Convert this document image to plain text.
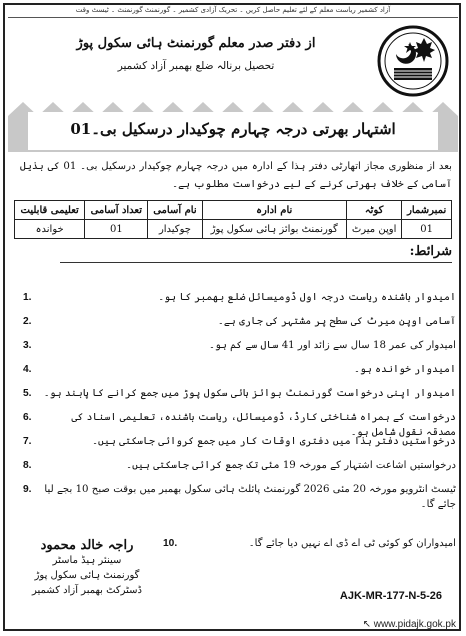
آزاد کشمیر ریاست معلم کے لئے تعلیم حاصل کریں ۔ تحریک آزادی کشمیر ۔ گورنمنٹ گورنمنٹ ۔ ٹیسٹ وقت
از دفتر صدر معلم گورنمنٹ ہائی سکول پوڑ
تحصیل برنالہ ضلع بھمبر آزاد کشمیر
اشتہار بھرتی درجہ چہارم چوکیدار درسکیل بی۔01
بعد از منظوری مجاز اتھارٹی دفتر ہذا کے ادارہ میں درجہ چہارم چوکیدار درسکیل بی۔ 01 کی بذیل آسامی کے خلاف بھرتی کرنے کے لیے درخواست مطلوب ہے۔
نمبرشمار	کوٹہ	نام ادارہ	نام آسامی	تعداد آسامی	تعلیمی قابلیت
01	اوپن میرٹ	گورنمنٹ بوائز ہائی سکول پوڑ	چوکیدار	01	خواندہ
شرائط:
امیدوار باشندہ ریاست درجہ اول ڈومیسائل ضلع بھمبر کا ہو۔1.
آسامی اوپن میرٹ کی سطح پر مشتہر کی جاری ہے۔2.
امیدوار کی عمر 18 سال سے زائد اور 41 سال سے کم ہو۔3.
امیدوار خواندہ ہو۔4.
امیدوار اپنی درخواست گورنمنٹ بوائز ہائی سکول پوڑ میں جمع کرانے کا پابند ہو۔5.
درخواست کے ہمراہ شناختی کارڈ، ڈومیسائل، ریاست باشندہ، تعلیمی اسناد کی مصدقہ نقول شامل ہو۔6.
درخواستیں دفتر ہذا میں دفتری اوقات کار میں جمع کروائی جاسکتی ہیں۔7.
درخواستیں اشاعت اشتہار کے مورخہ 19 مئی تک جمع کرائی جاسکتی ہیں۔8.
ٹیسٹ انٹرویو مورخہ 20 مئی 2026 گورنمنٹ پائلٹ ہائی سکول بھمبر میں بوقت صبح 10 بجے لیا جائے گا۔9.
امیدواران کو کوئی ٹی اے ڈی اے نہیں دیا جائے گا۔10.
راجہ خالد محمود
سینئر ہیڈ ماسٹر
گورنمنٹ ہائی سکول پوڑ
ڈسٹرکٹ بھمبر آزاد کشمیر	AJK-MR-177-N-5-26
↖ www.pidajk.gok.pk
